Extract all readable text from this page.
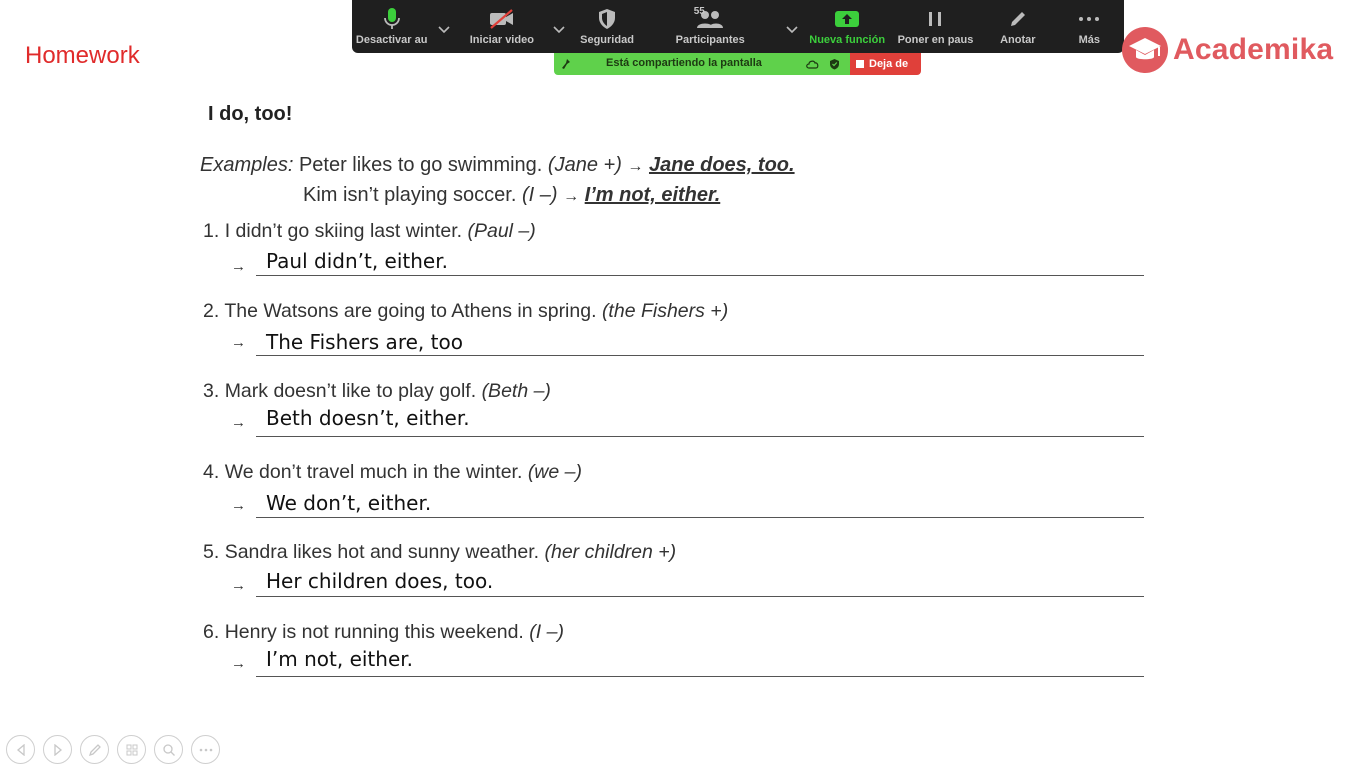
Desactivar au	Iniciar video	Seguridad
55
Participantes	Nueva función Poner en paus Anotar	Más
Está compartiendo la pantalla	Deja de
Homework	Academika
I do, too!
Examples: Peter likes to go swimming. (Jane +) → Jane does, too.
Kim isn’t playing soccer. (I –) → I’m not, either.
1. I didn’t go skiing last winter. (Paul –)
→ Paul didn’t, either.
2. The Watsons are going to Athens in spring. (the Fishers +)
→ The Fishers are, too
3. Mark doesn’t like to play golf. (Beth –)
→ Beth doesn’t, either.
4. We don’t travel much in the winter. (we –)
→ We don’t, either.
5. Sandra likes hot and sunny weather. (her children +)
→ Her children does, too.
6. Henry is not running this weekend. (I –)
→ I’m not, either.
